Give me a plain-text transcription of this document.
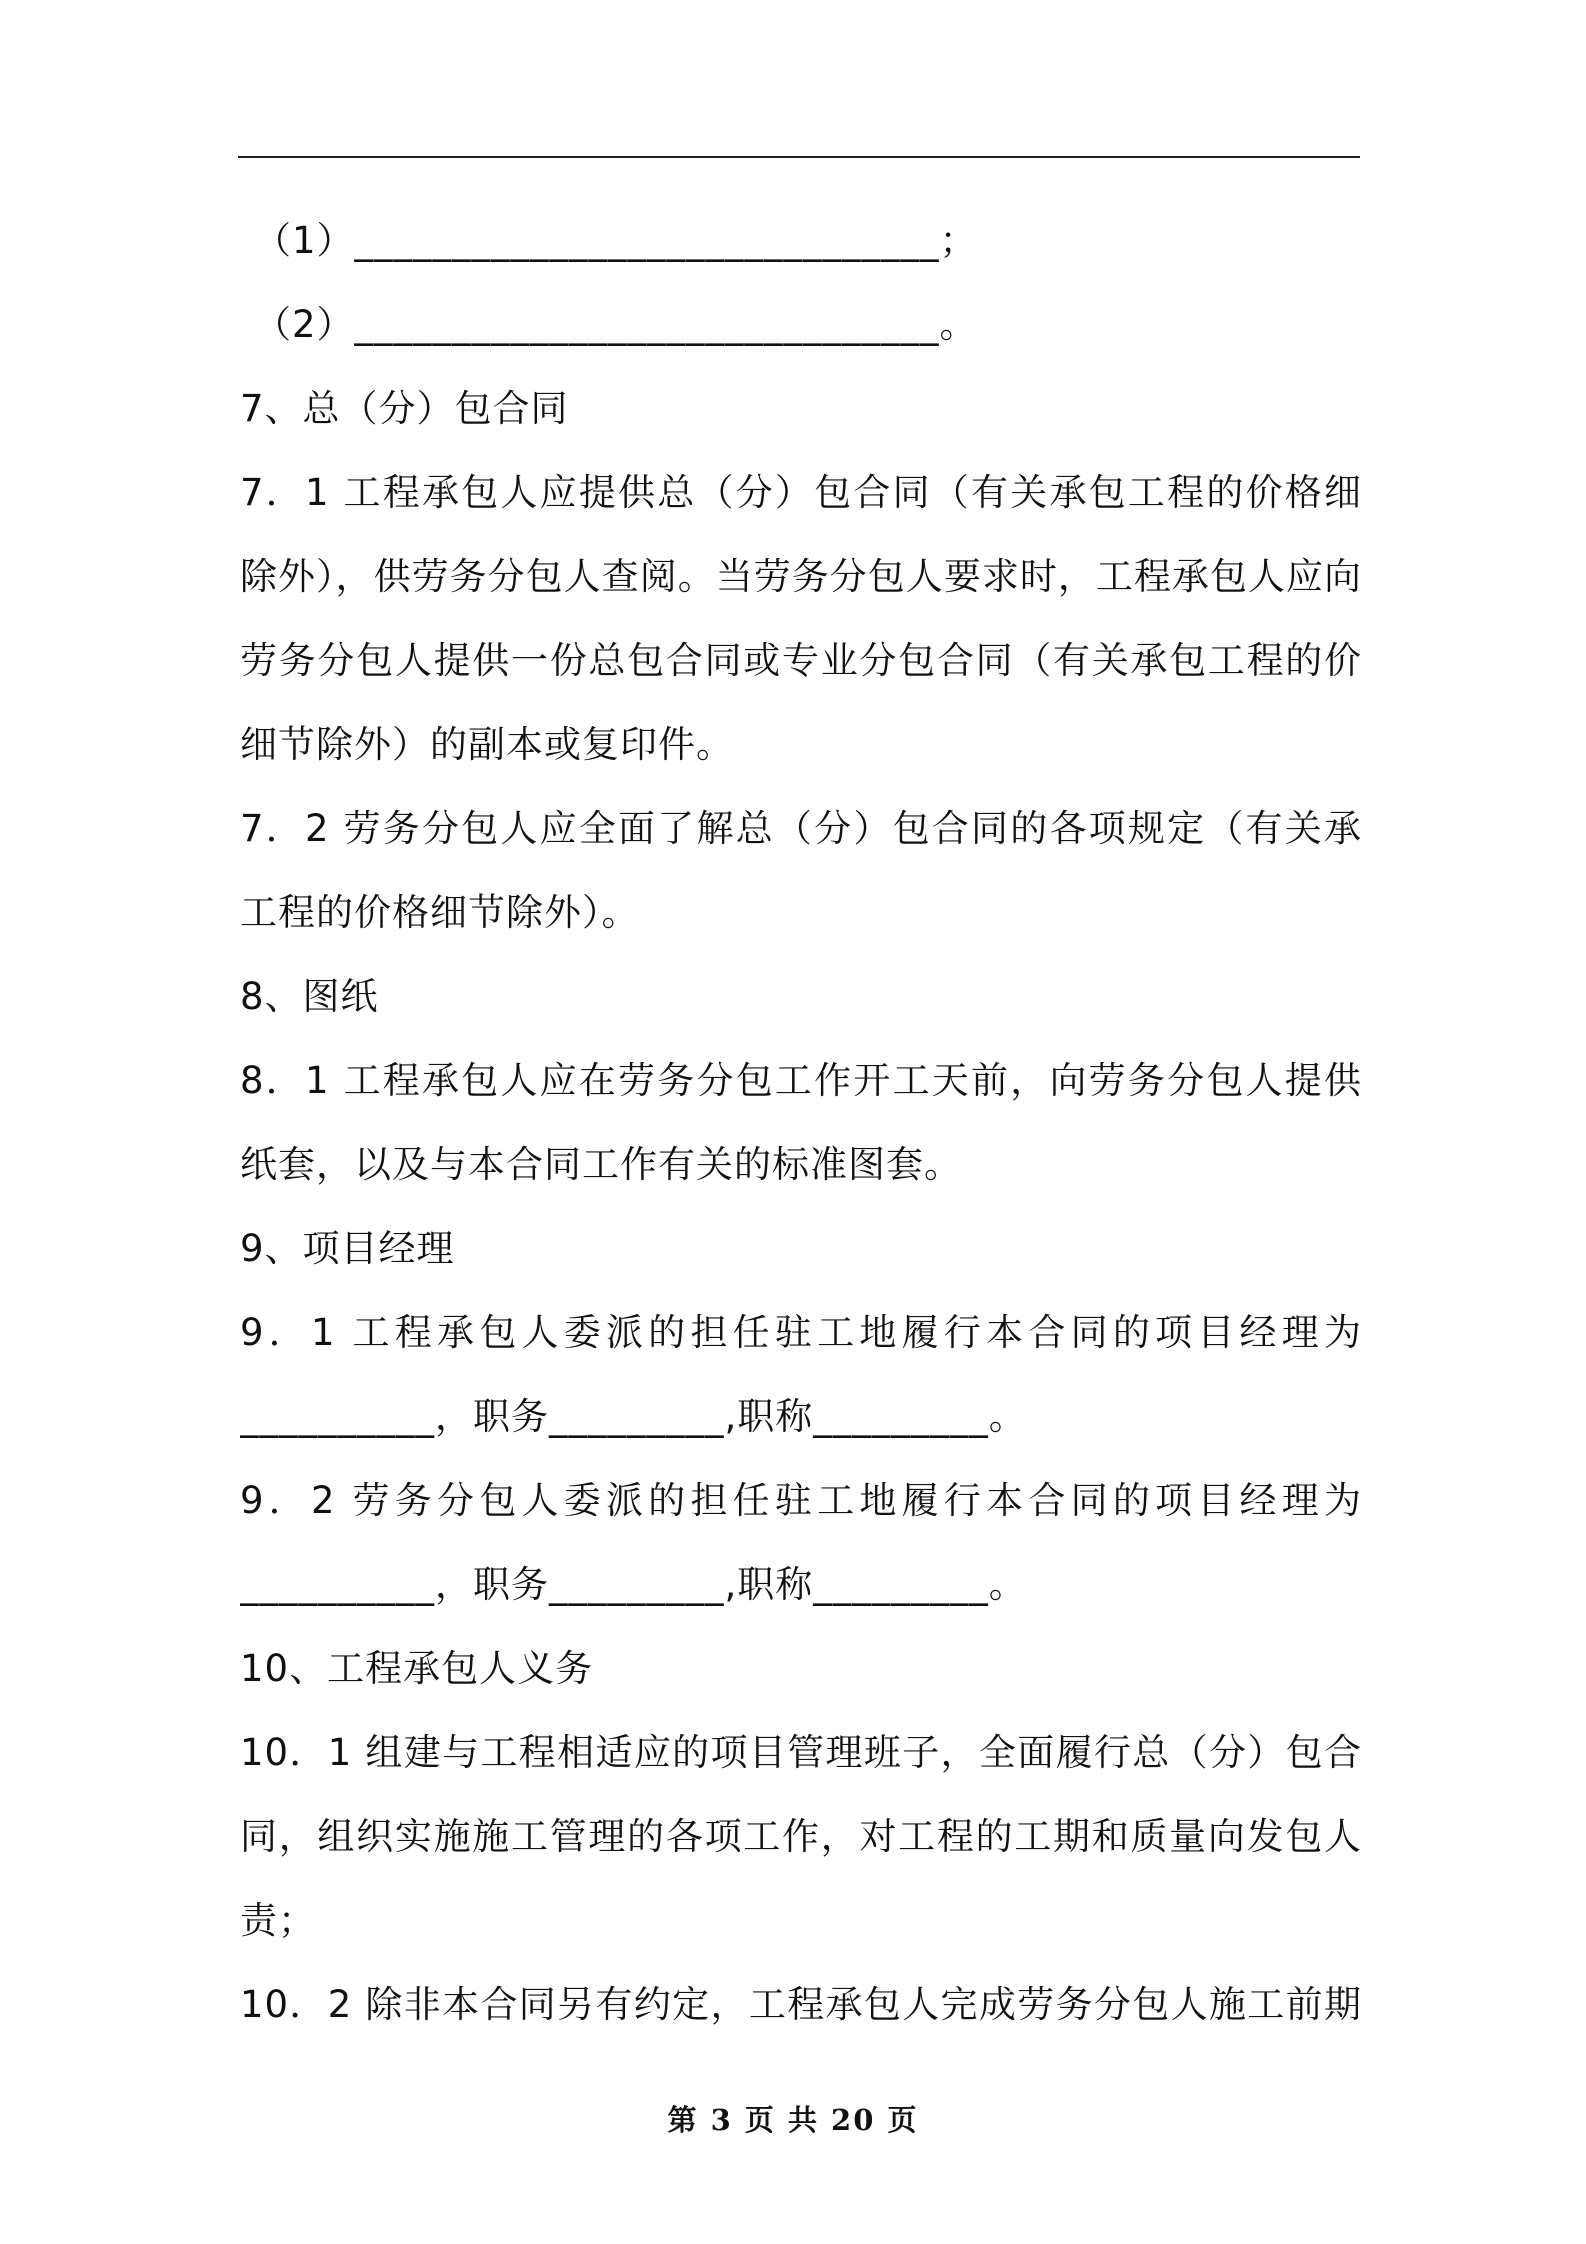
（1）______________________________；
（2）______________________________。
7、总（分）包合同
7．1 工程承包人应提供总（分）包合同（有关承包工程的价格细
除外），供劳务分包人查阅。当劳务分包人要求时，工程承包人应向
劳务分包人提供一份总包合同或专业分包合同（有关承包工程的价
细节除外）的副本或复印件。
7．2 劳务分包人应全面了解总（分）包合同的各项规定（有关承
工程的价格细节除外）。
8、图纸
8．1 工程承包人应在劳务分包工作开工天前，向劳务分包人提供
纸套，以及与本合同工作有关的标准图套。
9、项目经理
9．1 工程承包人委派的担任驻工地履行本合同的项目经理为
__________，职务_________,职称_________。
9．2 劳务分包人委派的担任驻工地履行本合同的项目经理为
__________，职务_________,职称_________。
10、工程承包人义务
10．1 组建与工程相适应的项目管理班子，全面履行总（分）包合
同，组织实施施工管理的各项工作，对工程的工期和质量向发包人
责；
10．2 除非本合同另有约定，工程承包人完成劳务分包人施工前期
第 3 页 共 20 页
